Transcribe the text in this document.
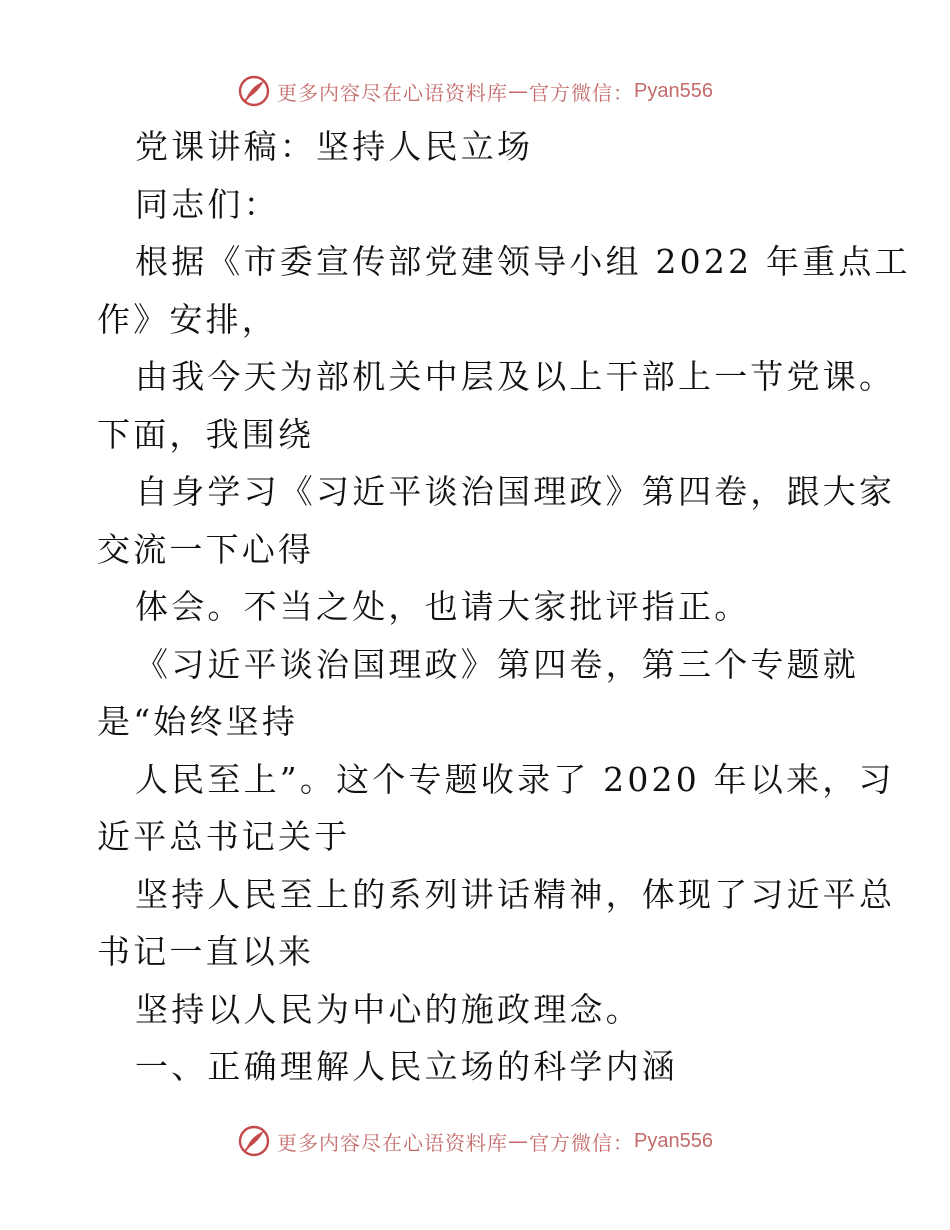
更多内容尽在心语资料库 — 官方微信： Pyan556
党课讲稿：坚持人民立场
同志们：
根据《市委宣传部党建领导小组 2022 年重点工
作》安排，
由我今天为部机关中层及以上干部上一节党课。
下面，我围绕
自身学习《习近平谈治国理政》第四卷，跟大家
交流一下心得
体会。不当之处，也请大家批评指正。
《习近平谈治国理政》第四卷，第三个专题就
是“始终坚持
人民至上”。这个专题收录了 2020 年以来，习
近平总书记关于
坚持人民至上的系列讲话精神，体现了习近平总
书记一直以来
坚持以人民为中心的施政理念。
一、正确理解人民立场的科学内涵
更多内容尽在心语资料库 — 官方微信： Pyan556
